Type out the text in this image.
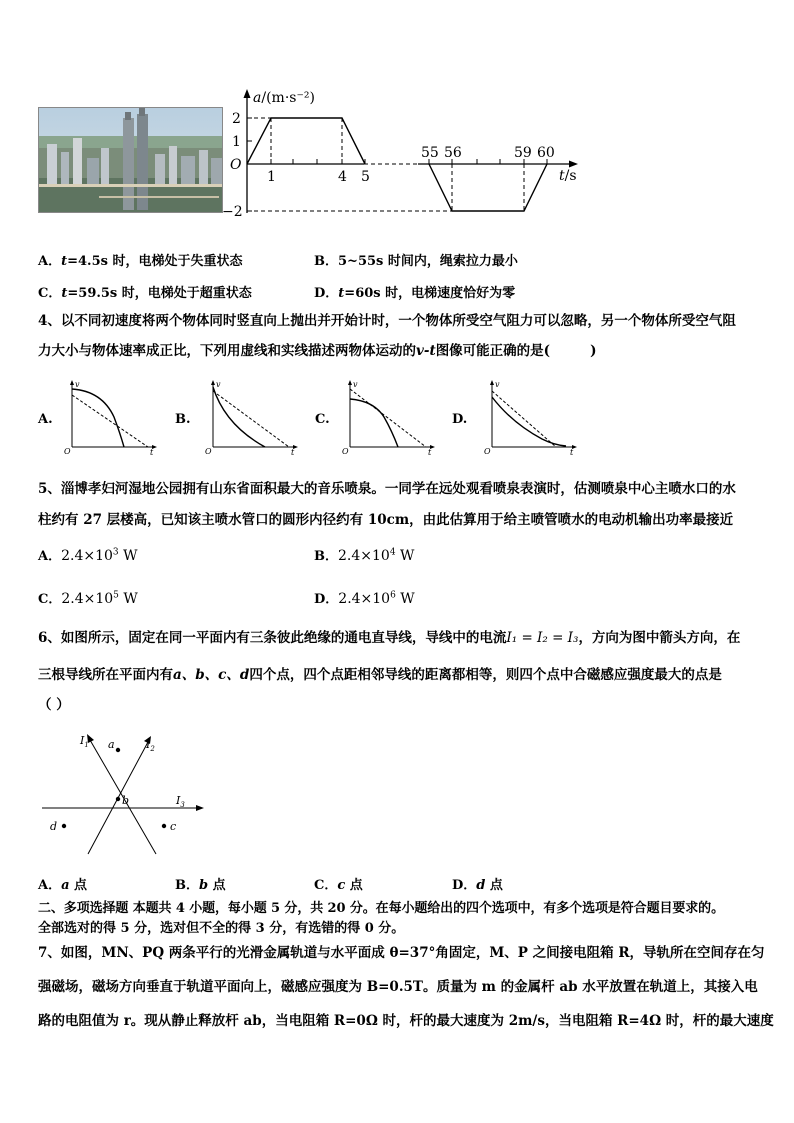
a/(m·s⁻²)
2
1
O
−2
1	4 5
55 56	59 60
t/s
A．t=4.5s 时，电梯处于失重状态	B．5~55s 时间内，绳索拉力最小
C．t=59.5s 时，电梯处于超重状态	D．t=60s 时，电梯速度恰好为零
4、以不同初速度将两个物体同时竖直向上抛出并开始计时，一个物体所受空气阻力可以忽略，另一个物体所受空气阻
力大小与物体速率成正比，下列用虚线和实线描述两物体运动的v-t图像可能正确的是(	)
A.
v
t
O
B.
v
t
O
C.
v
t
O
D.
v
t
O
5、淄博孝妇河湿地公园拥有山东省面积最大的音乐喷泉。一同学在远处观看喷泉表演时，估测喷泉中心主喷水口的水
柱约有 27 层楼高，已知该主喷水管口的圆形内径约有 10cm，由此估算用于给主喷管喷水的电动机输出功率最接近
A．$2.4\times 10^3$ W	B．$2.4\times 10^4$ W
C．$2.4\times 10^5$ W	D．$2.4\times 10^6$ W
6、如图所示，固定在同一平面内有三条彼此绝缘的通电直导线，导线中的电流I₁ = I₂ = I₃，方向为图中箭头方向，在
三根导线所在平面内有a、b、c、d四个点，四个点距相邻导线的距离都相等，则四个点中合磁感应强度最大的点是
（ ）
$I_1$	$I_2$
$I_3$
a
b
c
d
A．a 点	B．b 点	C．c 点	D．d 点
二、多项选择题 本题共 4 小题，每小题 5 分，共 20 分。在每小题给出的四个选项中，有多个选项是符合题目要求的。
全部选对的得 5 分，选对但不全的得 3 分，有选错的得 0 分。
7、如图，MN、PQ 两条平行的光滑金属轨道与水平面成 θ=37°角固定，M、P 之间接电阻箱 R，导轨所在空间存在匀
强磁场，磁场方向垂直于轨道平面向上，磁感应强度为 B=0.5T。质量为 m 的金属杆 ab 水平放置在轨道上，其接入电
路的电阻值为 r。现从静止释放杆 ab，当电阻箱 R=0Ω 时，杆的最大速度为 2m/s，当电阻箱 R=4Ω 时，杆的最大速度
